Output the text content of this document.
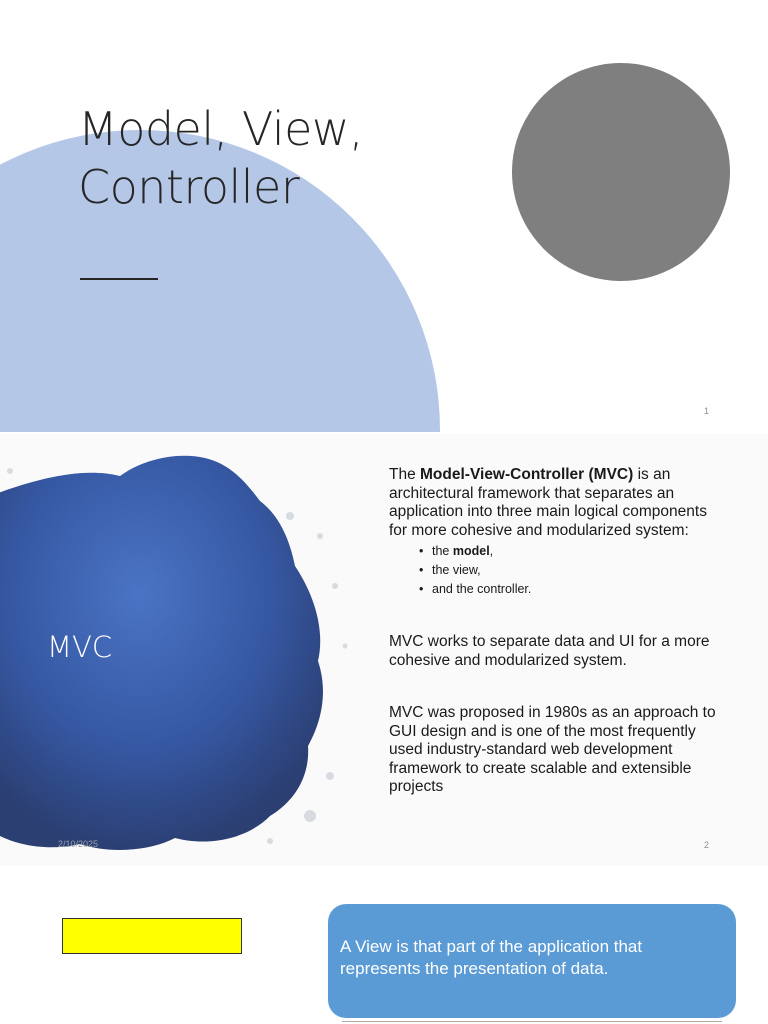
Model, View,
Controller
1
MVC
2/10/2025	2

The Model-View-Controller (MVC) is an architectural framework that separates an application into three main logical components for more cohesive and modularized system:

• the model,
• the view,
• and the controller.

MVC works to separate data and UI for a more cohesive and modularized system.

MVC was proposed in 1980s as an approach to GUI design and is one of the most frequently used industry-standard web development framework to create scalable and extensible projects

A View is that part of the application that represents the presentation of data.
